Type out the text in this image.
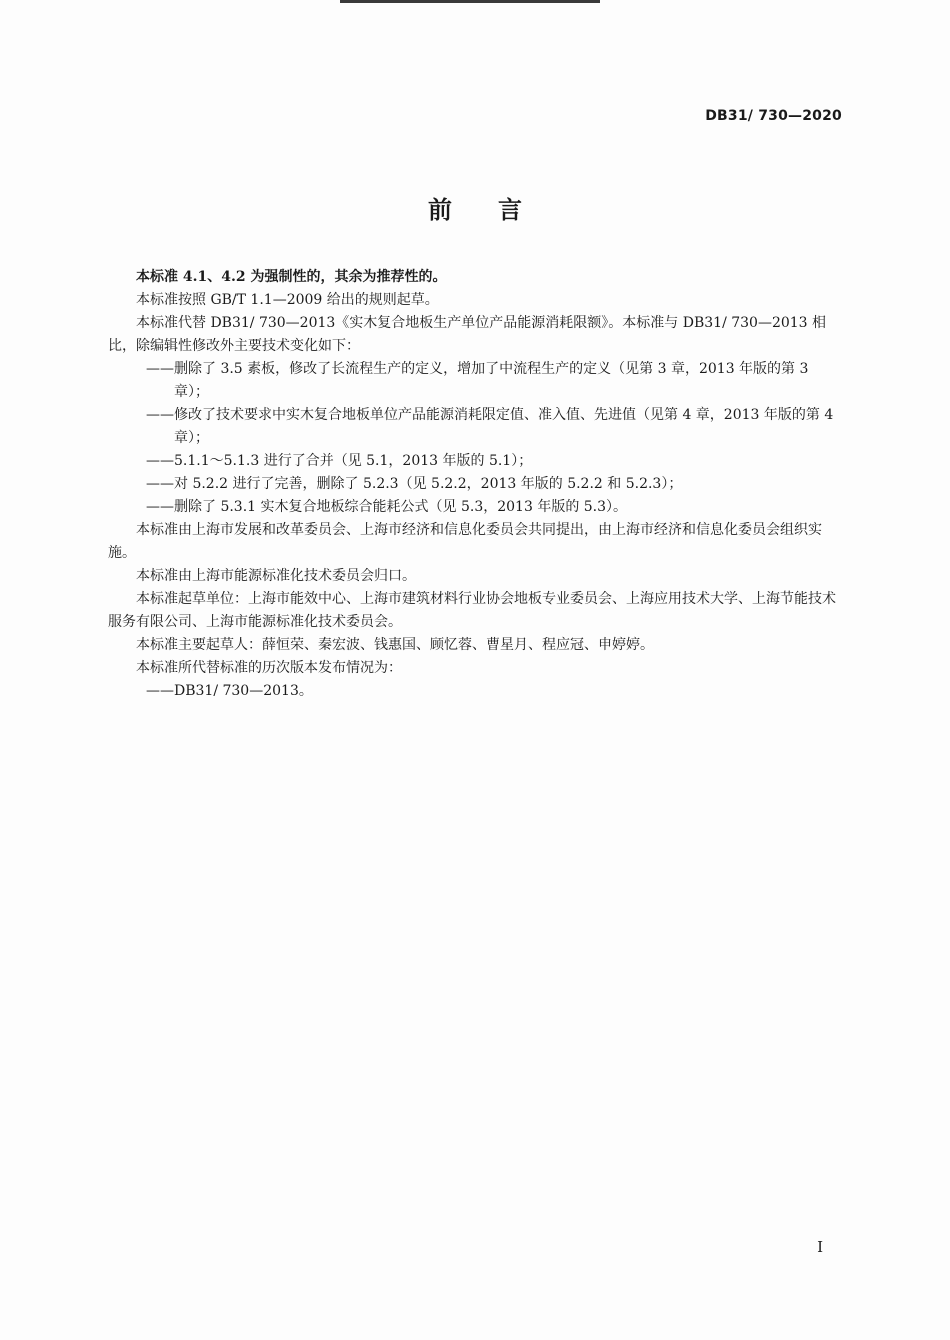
DB31/ 730—2020
前言

本标准 4.1、4.2 为强制性的，其余为推荐性的。

本标准按照 GB/T 1.1—2009 给出的规则起草。

本标准代替 DB31/ 730—2013《实木复合地板生产单位产品能源消耗限额》。本标准与 DB31/ 730—2013 相比，除编辑性修改外主要技术变化如下：

——删除了 3.5 素板，修改了长流程生产的定义，增加了中流程生产的定义（见第 3 章，2013 年版的第 3 章）；

——修改了技术要求中实木复合地板单位产品能源消耗限定值、准入值、先进值（见第 4 章，2013 年版的第 4 章）；

——5.1.1～5.1.3 进行了合并（见 5.1，2013 年版的 5.1）；

——对 5.2.2 进行了完善，删除了 5.2.3（见 5.2.2，2013 年版的 5.2.2 和 5.2.3）；

——删除了 5.3.1 实木复合地板综合能耗公式（见 5.3，2013 年版的 5.3）。

本标准由上海市发展和改革委员会、上海市经济和信息化委员会共同提出，由上海市经济和信息化委员会组织实施。

本标准由上海市能源标准化技术委员会归口。

本标准起草单位：上海市能效中心、上海市建筑材料行业协会地板专业委员会、上海应用技术大学、上海节能技术服务有限公司、上海市能源标准化技术委员会。

本标准主要起草人：薛恒荣、秦宏波、钱惠国、顾忆蓉、曹星月、程应冠、申婷婷。

本标准所代替标准的历次版本发布情况为：

——DB31/ 730—2013。

I
